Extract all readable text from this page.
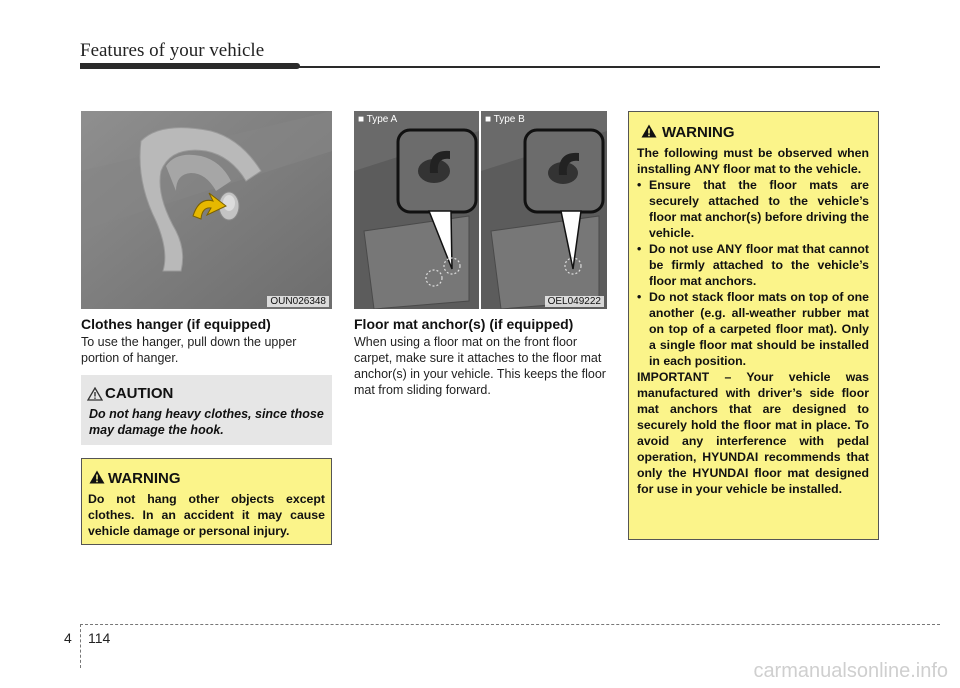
Features of your vehicle
OUN026348
Clothes hanger (if equipped)

To use the hanger, pull down the upper portion of hanger.

CAUTION
Do not hang heavy clothes, since those may damage the hook.
WARNING
Do not hang other objects except clothes. In an accident it may cause vehicle damage or personal injury.
■ Type A	■ Type B
OEL049222
Floor mat anchor(s) (if equipped)

When using a floor mat on the front floor carpet, make sure it attaches to the floor mat anchor(s) in your vehicle. This keeps the floor mat from sliding forward.

WARNING
The following must be observed when installing ANY floor mat to the vehicle.
• Ensure that the floor mats are securely attached to the vehicle’s floor mat anchor(s) before driving the vehicle.
• Do not use ANY floor mat that cannot be firmly attached to the vehicle’s floor mat anchors.
• Do not stack floor mats on top of one another (e.g. all-weather rubber mat on top of a carpeted floor mat). Only a single floor mat should be installed in each position.

IMPORTANT – Your vehicle was manufactured with driver’s side floor mat anchors that are designed to securely hold the floor mat in place. To avoid any interference with pedal operation, HYUNDAI recommends that only the HYUNDAI floor mat designed for use in your vehicle be installed.

4 114
carmanualsonline.info
